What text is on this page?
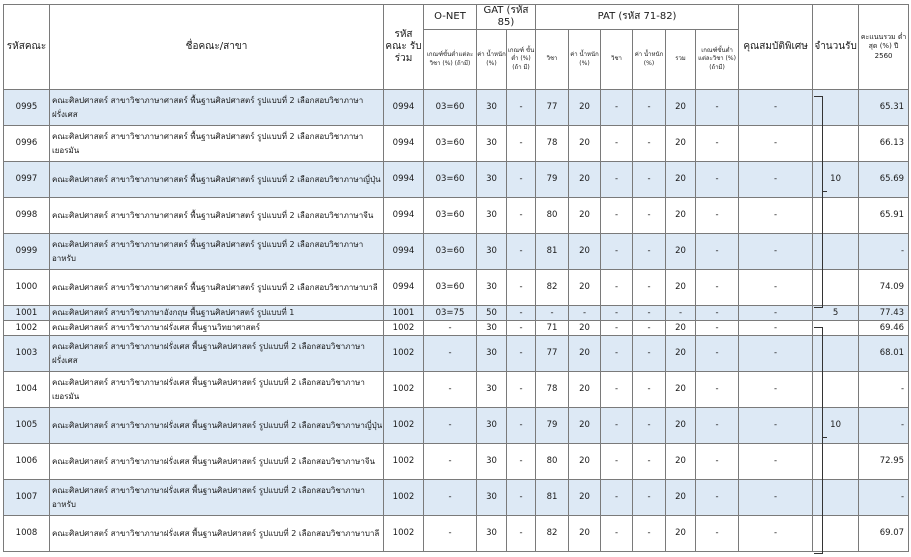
รหัสคณะ	ชื่อคณะ/สาขา	รหัสคณะ รับร่วม	O-NET	GAT (รหัส 85)		PAT (รหัส 71-82)						คุณสมบัติพิเศษ	จำนวนรับ	คะแนนรวม ต่ำสุด (%) ปี 2560
			เกณฑ์ขั้นต่ำแต่ละวิชา (%) (ถ้ามี)	ค่า น้ำหนัก (%)	เกณฑ์ ขั้นต่ำ (%) (ถ้า มี)	วิชา	ค่า น้ำหนัก (%)	วิชา	ค่า น้ำหนัก (%)	รวม	เกณฑ์ขั้นต่ำ แต่ละวิชา (%) (ถ้ามี)			
0995	คณะศิลปศาสตร์ สาขาวิชาภาษาศาสตร์ พื้นฐานศิลปศาสตร์ รูปแบบที่ 2 เลือกสอบวิชาภาษาฝรั่งเศส	0994	03=60	30	-	77	20	-	-	20	-	-		65.31
0996	คณะศิลปศาสตร์ สาขาวิชาภาษาศาสตร์ พื้นฐานศิลปศาสตร์ รูปแบบที่ 2 เลือกสอบวิชาภาษาเยอรมัน	0994	03=60	30	-	78	20	-	-	20	-	-		66.13
0997	คณะศิลปศาสตร์ สาขาวิชาภาษาศาสตร์ พื้นฐานศิลปศาสตร์ รูปแบบที่ 2 เลือกสอบวิชาภาษาญี่ปุ่น	0994	03=60	30	-	79	20	-	-	20	-	-	10	65.69
0998	คณะศิลปศาสตร์ สาขาวิชาภาษาศาสตร์ พื้นฐานศิลปศาสตร์ รูปแบบที่ 2 เลือกสอบวิชาภาษาจีน	0994	03=60	30	-	80	20	-	-	20	-	-		65.91
0999	คณะศิลปศาสตร์ สาขาวิชาภาษาศาสตร์ พื้นฐานศิลปศาสตร์ รูปแบบที่ 2 เลือกสอบวิชาภาษาอาหรับ	0994	03=60	30	-	81	20	-	-	20	-	-		-
1000	คณะศิลปศาสตร์ สาขาวิชาภาษาศาสตร์ พื้นฐานศิลปศาสตร์ รูปแบบที่ 2 เลือกสอบวิชาภาษาบาลี	0994	03=60	30	-	82	20	-	-	20	-	-		74.09
1001	คณะศิลปศาสตร์ สาขาวิชาภาษาอังกฤษ พื้นฐานศิลปศาสตร์ รูปแบบที่ 1	1001	03=75	50	-	-	-	-	-	-	-	-	5	77.43
1002	คณะศิลปศาสตร์ สาขาวิชาภาษาฝรั่งเศส พื้นฐานวิทยาศาสตร์	1002	-	30	-	71	20	-	-	20	-	-		69.46
1003	คณะศิลปศาสตร์ สาขาวิชาภาษาฝรั่งเศส พื้นฐานศิลปศาสตร์ รูปแบบที่ 2 เลือกสอบวิชาภาษาฝรั่งเศส	1002	-	30	-	77	20	-	-	20	-	-		68.01
1004	คณะศิลปศาสตร์ สาขาวิชาภาษาฝรั่งเศส พื้นฐานศิลปศาสตร์ รูปแบบที่ 2 เลือกสอบวิชาภาษาเยอรมัน	1002	-	30	-	78	20	-	-	20	-	-		-
1005	คณะศิลปศาสตร์ สาขาวิชาภาษาฝรั่งเศส พื้นฐานศิลปศาสตร์ รูปแบบที่ 2 เลือกสอบวิชาภาษาญี่ปุ่น	1002	-	30	-	79	20	-	-	20	-	-	10	-
1006	คณะศิลปศาสตร์ สาขาวิชาภาษาฝรั่งเศส พื้นฐานศิลปศาสตร์ รูปแบบที่ 2 เลือกสอบวิชาภาษาจีน	1002	-	30	-	80	20	-	-	20	-	-		72.95
1007	คณะศิลปศาสตร์ สาขาวิชาภาษาฝรั่งเศส พื้นฐานศิลปศาสตร์ รูปแบบที่ 2 เลือกสอบวิชาภาษาอาหรับ	1002	-	30	-	81	20	-	-	20	-	-		-
1008	คณะศิลปศาสตร์ สาขาวิชาภาษาฝรั่งเศส พื้นฐานศิลปศาสตร์ รูปแบบที่ 2 เลือกสอบวิชาภาษาบาลี	1002	-	30	-	82	20	-	-	20	-	-		69.07
